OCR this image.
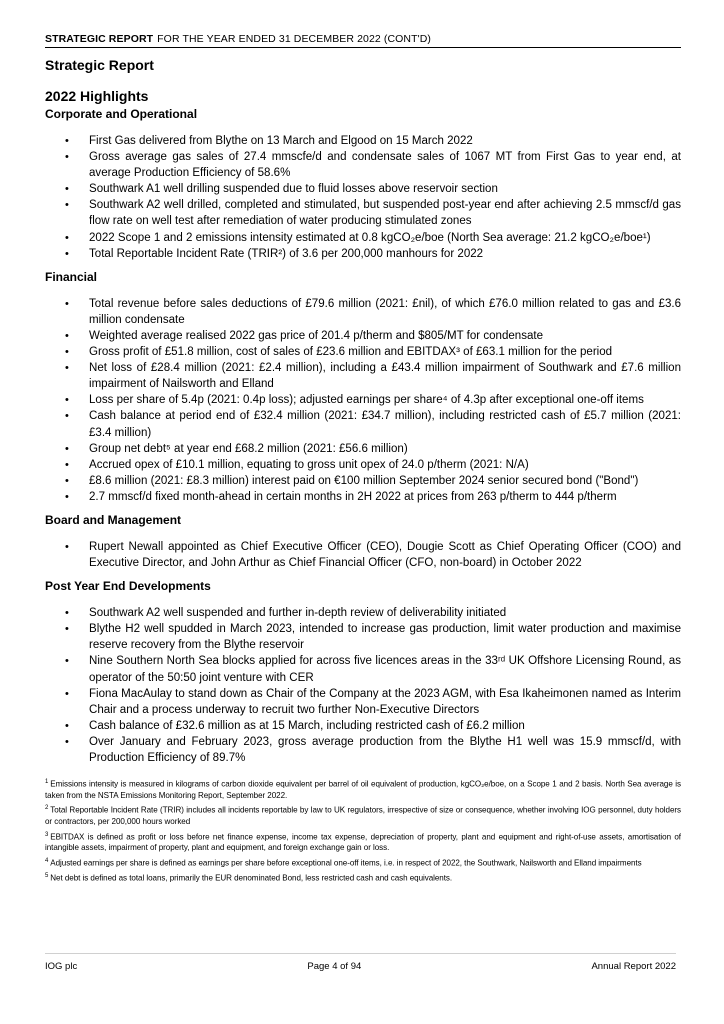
STRATEGIC REPORT FOR THE YEAR ENDED 31 DECEMBER 2022 (CONT'D)
Strategic Report
2022 Highlights
Corporate and Operational
• First Gas delivered from Blythe on 13 March and Elgood on 15 March 2022
• Gross average gas sales of 27.4 mmscfe/d and condensate sales of 1067 MT from First Gas to year end, at average Production Efficiency of 58.6%
• Southwark A1 well drilling suspended due to fluid losses above reservoir section
• Southwark A2 well drilled, completed and stimulated, but suspended post-year end after achieving 2.5 mmscf/d gas flow rate on well test after remediation of water producing stimulated zones
• 2022 Scope 1 and 2 emissions intensity estimated at 0.8 kgCO₂e/boe (North Sea average: 21.2 kgCO₂e/boe¹)
• Total Reportable Incident Rate (TRIR²) of 3.6 per 200,000 manhours for 2022
Financial
• Total revenue before sales deductions of £79.6 million (2021: £nil), of which £76.0 million related to gas and £3.6 million condensate
• Weighted average realised 2022 gas price of 201.4 p/therm and $805/MT for condensate
• Gross profit of £51.8 million, cost of sales of £23.6 million and EBITDAX³ of £63.1 million for the period
• Net loss of £28.4 million (2021: £2.4 million), including a £43.4 million impairment of Southwark and £7.6 million impairment of Nailsworth and Elland
• Loss per share of 5.4p (2021: 0.4p loss); adjusted earnings per share⁴ of 4.3p after exceptional one-off items
• Cash balance at period end of £32.4 million (2021: £34.7 million), including restricted cash of £5.7 million (2021: £3.4 million)
• Group net debt⁵ at year end £68.2 million (2021: £56.6 million)
• Accrued opex of £10.1 million, equating to gross unit opex of 24.0 p/therm (2021: N/A)
• £8.6 million (2021: £8.3 million) interest paid on €100 million September 2024 senior secured bond ("Bond")
• 2.7 mmscf/d fixed month-ahead in certain months in 2H 2022 at prices from 263 p/therm to 444 p/therm
Board and Management
• Rupert Newall appointed as Chief Executive Officer (CEO), Dougie Scott as Chief Operating Officer (COO) and Executive Director, and John Arthur as Chief Financial Officer (CFO, non-board) in October 2022
Post Year End Developments
• Southwark A2 well suspended and further in-depth review of deliverability initiated
• Blythe H2 well spudded in March 2023, intended to increase gas production, limit water production and maximise reserve recovery from the Blythe reservoir
• Nine Southern North Sea blocks applied for across five licences areas in the 33ʳᵈ UK Offshore Licensing Round, as operator of the 50:50 joint venture with CER
• Fiona MacAulay to stand down as Chair of the Company at the 2023 AGM, with Esa Ikaheimonen named as Interim Chair and a process underway to recruit two further Non-Executive Directors
• Cash balance of £32.6 million as at 15 March, including restricted cash of £6.2 million
• Over January and February 2023, gross average production from the Blythe H1 well was 15.9 mmscf/d, with Production Efficiency of 89.7%

$^1$ Emissions intensity is measured in kilograms of carbon dioxide equivalent per barrel of oil equivalent of production, kgCO₂e/boe, on a Scope 1 and 2 basis. North Sea average is taken from the NSTA Emissions Monitoring Report, September 2022.

$^2$ Total Reportable Incident Rate (TRIR) includes all incidents reportable by law to UK regulators, irrespective of size or consequence, whether involving IOG personnel, duty holders or contractors, per 200,000 hours worked

$^3$ EBITDAX is defined as profit or loss before net finance expense, income tax expense, depreciation of property, plant and equipment and right-of-use assets, amortisation of intangible assets, impairment of property, plant and equipment, and foreign exchange gain or loss.

$^4$ Adjusted earnings per share is defined as earnings per share before exceptional one-off items, i.e. in respect of 2022, the Southwark, Nailsworth and Elland impairments

$^5$ Net debt is defined as total loans, primarily the EUR denominated Bond, less restricted cash and cash equivalents.

IOG plc	Page 4 of 94	Annual Report 2022
